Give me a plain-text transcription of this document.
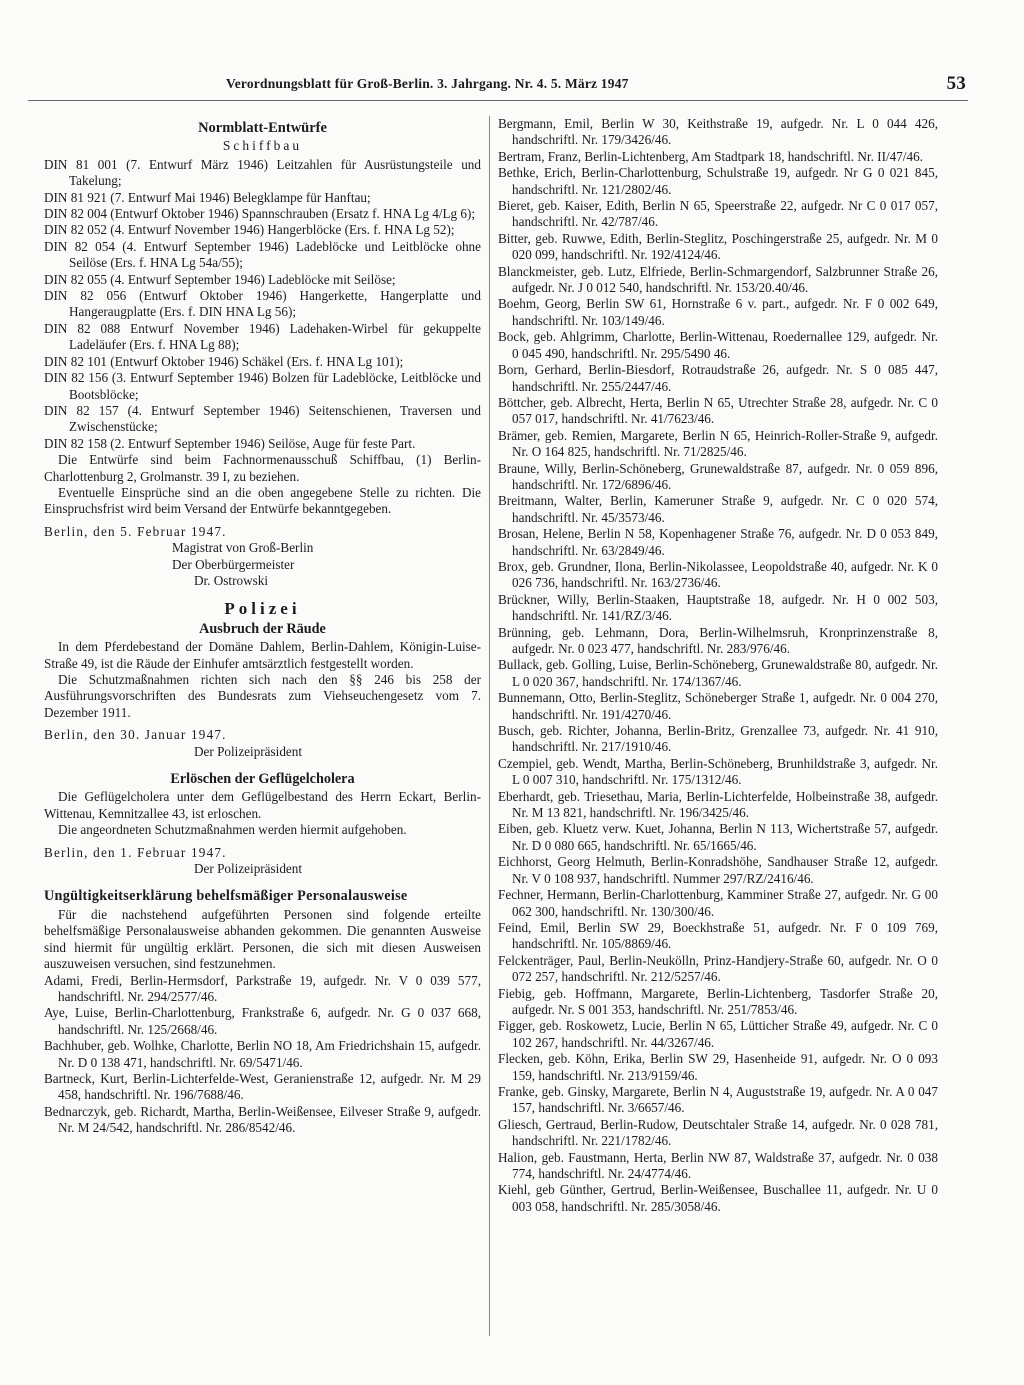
Verordnungsblatt für Groß-Berlin. 3. Jahrgang. Nr. 4. 5. März 1947	53
Normblatt-Entwürfe
Schiffbau
DIN 81 001 (7. Entwurf März 1946) Leitzahlen für Ausrüstungsteile und Takelung;
DIN 81 921 (7. Entwurf Mai 1946) Belegklampe für Hanftau;
DIN 82 004 (Entwurf Oktober 1946) Spannschrauben (Ersatz f. HNA Lg 4/Lg 6);
DIN 82 052 (4. Entwurf November 1946) Hangerblöcke (Ers. f. HNA Lg 52);
DIN 82 054 (4. Entwurf September 1946) Ladeblöcke und Leitblöcke ohne Seilöse (Ers. f. HNA Lg 54a/55);
DIN 82 055 (4. Entwurf September 1946) Ladeblöcke mit Seilöse;
DIN 82 056 (Entwurf Oktober 1946) Hangerkette, Hangerplatte und Hangeraugplatte (Ers. f. DIN HNA Lg 56);
DIN 82 088 Entwurf November 1946) Ladehaken-Wirbel für gekuppelte Ladeläufer (Ers. f. HNA Lg 88);
DIN 82 101 (Entwurf Oktober 1946) Schäkel (Ers. f. HNA Lg 101);
DIN 82 156 (3. Entwurf September 1946) Bolzen für Ladeblöcke, Leitblöcke und Bootsblöcke;
DIN 82 157 (4. Entwurf September 1946) Seitenschienen, Traversen und Zwischenstücke;
DIN 82 158 (2. Entwurf September 1946) Seilöse, Auge für feste Part.
Die Entwürfe sind beim Fachnormenausschuß Schiffbau, (1) Berlin-Charlottenburg 2, Grolmanstr. 39 I, zu beziehen.
Eventuelle Einsprüche sind an die oben angegebene Stelle zu richten. Die Einspruchsfrist wird beim Versand der Entwürfe bekanntgegeben.
Berlin, den 5. Februar 1947.
Magistrat von Groß-Berlin
Der Oberbürgermeister
Dr. Ostrowski
Polizei
Ausbruch der Räude
In dem Pferdebestand der Domäne Dahlem, Berlin-Dahlem, Königin-Luise-Straße 49, ist die Räude der Einhufer amtsärztlich festgestellt worden.
Die Schutzmaßnahmen richten sich nach den §§ 246 bis 258 der Ausführungsvorschriften des Bundesrats zum Viehseuchengesetz vom 7. Dezember 1911.
Berlin, den 30. Januar 1947.
Der Polizeipräsident
Erlöschen der Geflügelcholera
Die Geflügelcholera unter dem Geflügelbestand des Herrn Eckart, Berlin-Wittenau, Kemnitzallee 43, ist erloschen.
Die angeordneten Schutzmaßnahmen werden hiermit aufgehoben.
Berlin, den 1. Februar 1947.
Der Polizeipräsident
Ungültigkeitserklärung behelfsmäßiger Personalausweise
Für die nachstehend aufgeführten Personen sind folgende erteilte behelfsmäßige Personalausweise abhanden gekommen. Die genannten Ausweise sind hiermit für ungültig erklärt. Personen, die sich mit diesen Ausweisen auszuweisen versuchen, sind festzunehmen.
Adami, Fredi, Berlin-Hermsdorf, Parkstraße 19, aufgedr. Nr. V 0 039 577, handschriftl. Nr. 294/2577/46.
Aye, Luise, Berlin-Charlottenburg, Frankstraße 6, aufgedr. Nr. G 0 037 668, handschriftl. Nr. 125/2668/46.
Bachhuber, geb. Wolhke, Charlotte, Berlin NO 18, Am Friedrichshain 15, aufgedr. Nr. D 0 138 471, handschriftl. Nr. 69/5471/46.
Bartneck, Kurt, Berlin-Lichterfelde-West, Geranienstraße 12, aufgedr. Nr. M 29 458, handschriftl. Nr. 196/7688/46.
Bednarczyk, geb. Richardt, Martha, Berlin-Weißensee, Eilveser Straße 9, aufgedr. Nr. M 24/542, handschriftl. Nr. 286/8542/46.
Bergmann, Emil, Berlin W 30, Keithstraße 19, aufgedr. Nr. L 0 044 426, handschriftl. Nr. 179/3426/46.
Bertram, Franz, Berlin-Lichtenberg, Am Stadtpark 18, handschriftl. Nr. II/47/46.
Bethke, Erich, Berlin-Charlottenburg, Schulstraße 19, aufgedr. Nr G 0 021 845, handschriftl. Nr. 121/2802/46.
Bieret, geb. Kaiser, Edith, Berlin N 65, Speerstraße 22, aufgedr. Nr C 0 017 057, handschriftl. Nr. 42/787/46.
Bitter, geb. Ruwwe, Edith, Berlin-Steglitz, Poschingerstraße 25, aufgedr. Nr. M 0 020 099, handschriftl. Nr. 192/4124/46.
Blanckmeister, geb. Lutz, Elfriede, Berlin-Schmargendorf, Salzbrunner Straße 26, aufgedr. Nr. J 0 012 540, handschriftl. Nr. 153/20.40/46.
Boehm, Georg, Berlin SW 61, Hornstraße 6 v. part., aufgedr. Nr. F 0 002 649, handschriftl. Nr. 103/149/46.
Bock, geb. Ahlgrimm, Charlotte, Berlin-Wittenau, Roedernallee 129, aufgedr. Nr. 0 045 490, handschriftl. Nr. 295/5490 46.
Born, Gerhard, Berlin-Biesdorf, Rotraudstraße 26, aufgedr. Nr. S 0 085 447, handschriftl. Nr. 255/2447/46.
Böttcher, geb. Albrecht, Herta, Berlin N 65, Utrechter Straße 28, aufgedr. Nr. C 0 057 017, handschriftl. Nr. 41/7623/46.
Brämer, geb. Remien, Margarete, Berlin N 65, Heinrich-Roller-Straße 9, aufgedr. Nr. O 164 825, handschriftl. Nr. 71/2825/46.
Braune, Willy, Berlin-Schöneberg, Grunewaldstraße 87, aufgedr. Nr. 0 059 896, handschriftl. Nr. 172/6896/46.
Breitmann, Walter, Berlin, Kameruner Straße 9, aufgedr. Nr. C 0 020 574, handschriftl. Nr. 45/3573/46.
Brosan, Helene, Berlin N 58, Kopenhagener Straße 76, aufgedr. Nr. D 0 053 849, handschriftl. Nr. 63/2849/46.
Brox, geb. Grundner, Ilona, Berlin-Nikolassee, Leopoldstraße 40, aufgedr. Nr. K 0 026 736, handschriftl. Nr. 163/2736/46.
Brückner, Willy, Berlin-Staaken, Hauptstraße 18, aufgedr. Nr. H 0 002 503, handschriftl. Nr. 141/RZ/3/46.
Brünning, geb. Lehmann, Dora, Berlin-Wilhelmsruh, Kronprinzenstraße 8, aufgedr. Nr. 0 023 477, handschriftl. Nr. 283/976/46.
Bullack, geb. Golling, Luise, Berlin-Schöneberg, Grunewaldstraße 80, aufgedr. Nr. L 0 020 367, handschriftl. Nr. 174/1367/46.
Bunnemann, Otto, Berlin-Steglitz, Schöneberger Straße 1, aufgedr. Nr. 0 004 270, handschriftl. Nr. 191/4270/46.
Busch, geb. Richter, Johanna, Berlin-Britz, Grenzallee 73, aufgedr. Nr. 41 910, handschriftl. Nr. 217/1910/46.
Czempiel, geb. Wendt, Martha, Berlin-Schöneberg, Brunhildstraße 3, aufgedr. Nr. L 0 007 310, handschriftl. Nr. 175/1312/46.
Eberhardt, geb. Triesethau, Maria, Berlin-Lichterfelde, Holbeinstraße 38, aufgedr. Nr. M 13 821, handschriftl. Nr. 196/3425/46.
Eiben, geb. Kluetz verw. Kuet, Johanna, Berlin N 113, Wichertstraße 57, aufgedr. Nr. D 0 080 665, handschriftl. Nr. 65/1665/46.
Eichhorst, Georg Helmuth, Berlin-Konradshöhe, Sandhauser Straße 12, aufgedr. Nr. V 0 108 937, handschriftl. Nummer 297/RZ/2416/46.
Fechner, Hermann, Berlin-Charlottenburg, Kamminer Straße 27, aufgedr. Nr. G 00 062 300, handschriftl. Nr. 130/300/46.
Feind, Emil, Berlin SW 29, Boeckhstraße 51, aufgedr. Nr. F 0 109 769, handschriftl. Nr. 105/8869/46.
Felckenträger, Paul, Berlin-Neukölln, Prinz-Handjery-Straße 60, aufgedr. Nr. O 0 072 257, handschriftl. Nr. 212/5257/46.
Fiebig, geb. Hoffmann, Margarete, Berlin-Lichtenberg, Tasdorfer Straße 20, aufgedr. Nr. S 001 353, handschriftl. Nr. 251/7853/46.
Figger, geb. Roskowetz, Lucie, Berlin N 65, Lütticher Straße 49, aufgedr. Nr. C 0 102 267, handschriftl. Nr. 44/3267/46.
Flecken, geb. Köhn, Erika, Berlin SW 29, Hasenheide 91, aufgedr. Nr. O 0 093 159, handschriftl. Nr. 213/9159/46.
Franke, geb. Ginsky, Margarete, Berlin N 4, Auguststraße 19, aufgedr. Nr. A 0 047 157, handschriftl. Nr. 3/6657/46.
Gliesch, Gertraud, Berlin-Rudow, Deutschtaler Straße 14, aufgedr. Nr. 0 028 781, handschriftl. Nr. 221/1782/46.
Halion, geb. Faustmann, Herta, Berlin NW 87, Waldstraße 37, aufgedr. Nr. 0 038 774, handschriftl. Nr. 24/4774/46.
Kiehl, geb Günther, Gertrud, Berlin-Weißensee, Buschallee 11, aufgedr. Nr. U 0 003 058, handschriftl. Nr. 285/3058/46.
